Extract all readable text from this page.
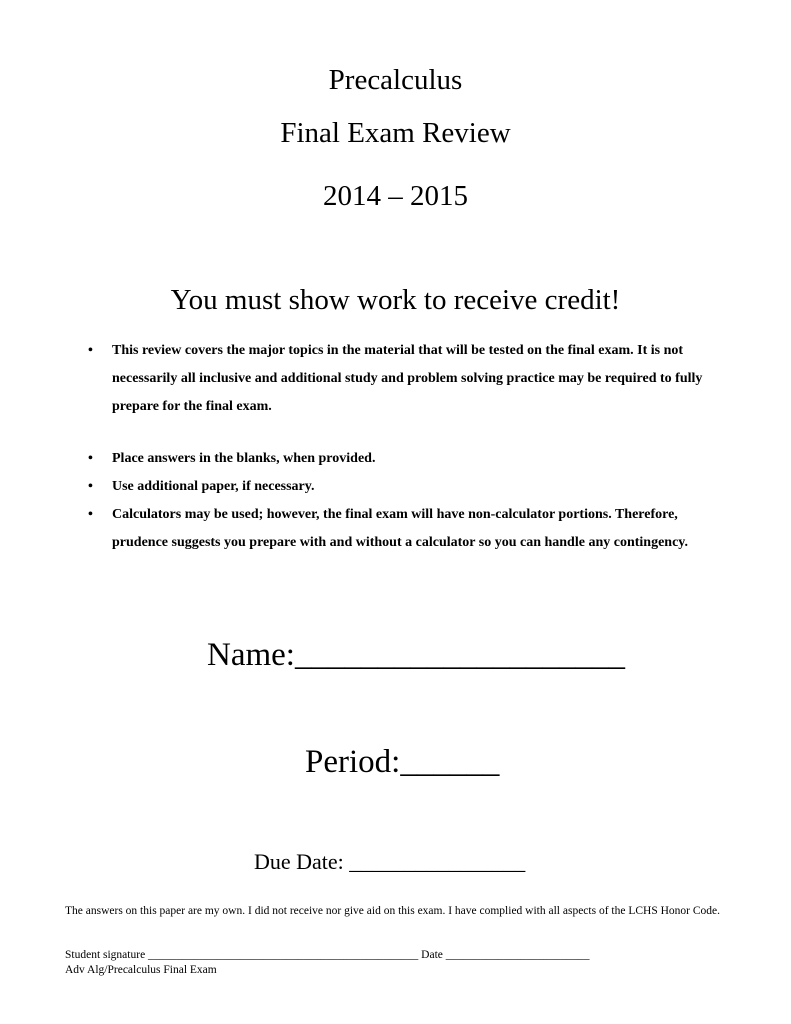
Precalculus
Final Exam Review
2014 – 2015
You must show work to receive credit!
• This review covers the major topics in the material that will be tested on the final exam. It is not necessarily all inclusive and additional study and problem solving practice may be required to fully prepare for the final exam.
• Place answers in the blanks, when provided.
• Use additional paper, if necessary.
• Calculators may be used; however, the final exam will have non-calculator portions. Therefore, prudence suggests you prepare with and without a calculator so you can handle any contingency.
Name:____________________
Period:______
Due Date: ________________
The answers on this paper are my own. I did not receive nor give aid on this exam. I have complied with all aspects of the LCHS Honor Code.
Student signature _______________________________________________ Date _________________________
Adv Alg/Precalculus Final Exam
